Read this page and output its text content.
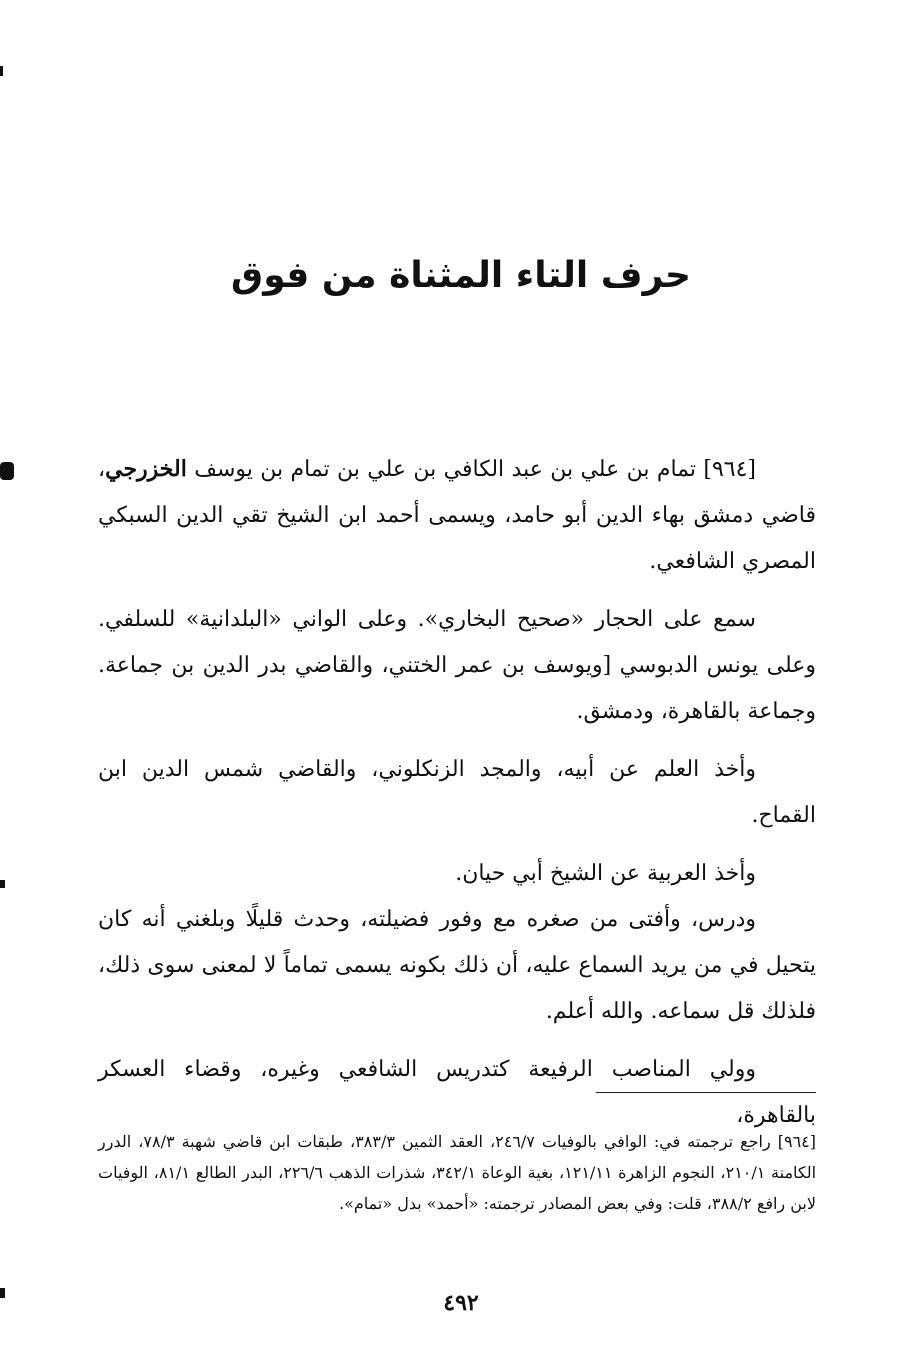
حرف التاء المثناة من فوق

[٩٦٤] تمام بن علي بن عبد الكافي بن علي بن تمام بن يوسف الخزرجي، قاضي دمشق بهاء الدين أبو حامد، ويسمى أحمد ابن الشيخ تقي الدين السبكي المصري الشافعي.

سمع على الحجار «صحيح البخاري». وعلى الواني «البلدانية» للسلفي. وعلى يونس الدبوسي [ويوسف بن عمر الختني، والقاضي بدر الدين بن جماعة. وجماعة بالقاهرة، ودمشق.

وأخذ العلم عن أبيه، والمجد الزنكلوني، والقاضي شمس الدين ابن القماح.

وأخذ العربية عن الشيخ أبي حيان.

ودرس، وأفتى من صغره مع وفور فضيلته، وحدث قليلًا وبلغني أنه كان يتحيل في من يريد السماع عليه، أن ذلك بكونه يسمى تماماً لا لمعنى سوى ذلك، فلذلك قل سماعه. والله أعلم.

وولي المناصب الرفيعة كتدريس الشافعي وغيره، وقضاء العسكر بالقاهرة،

[٩٦٤] راجع ترجمته في: الوافي بالوفيات ٢٤٦/٧، العقد الثمين ٣٨٣/٣، طبقات ابن قاضي شهبة ٧٨/٣، الدرر الكامنة ٢١٠/١، النجوم الزاهرة ١٢١/١١، بغية الوعاة ٣٤٢/١، شذرات الذهب ٢٢٦/٦، البدر الطالع ٨١/١، الوفيات لابن رافع ٣٨٨/٢، قلت: وفي بعض المصادر ترجمته: «أحمد» بدل «تمام».

٤٩٢
